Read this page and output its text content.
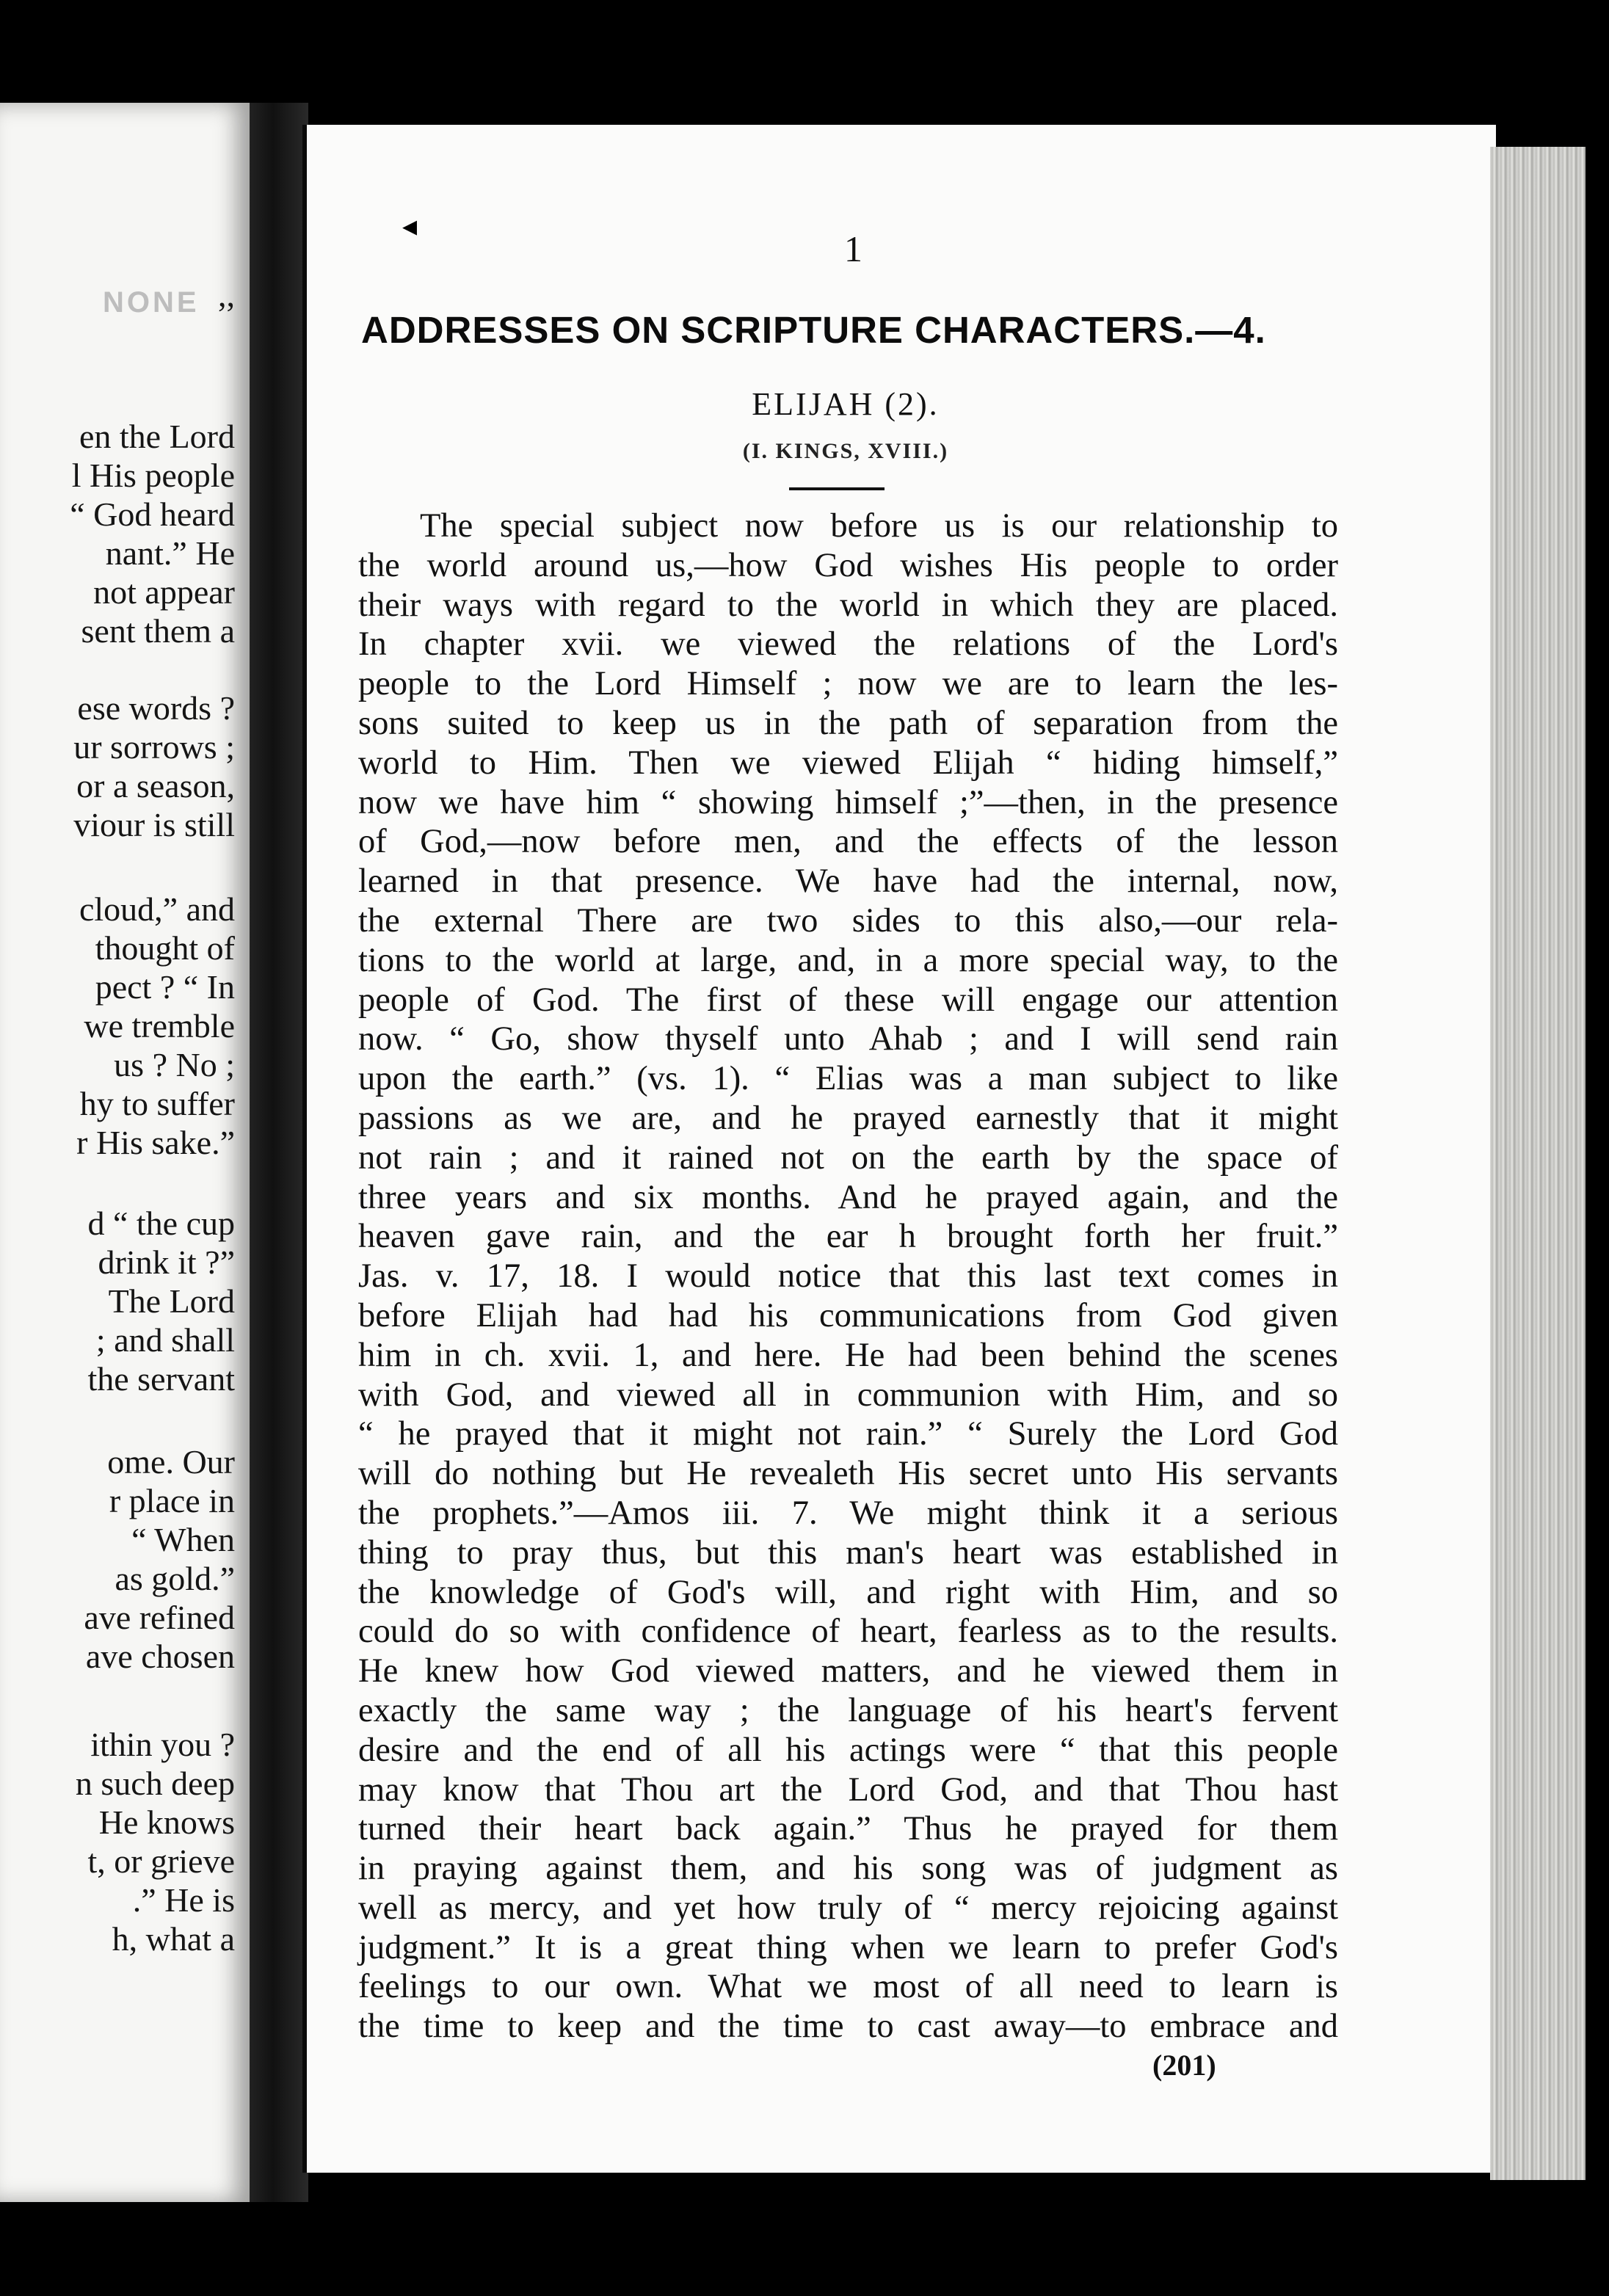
NONE ,,
en the Lord
l His people
“ God heard
nant.” He
not appear
sent them a
ese words ?
ur sorrows ;
or a season,
viour is still
cloud,” and
thought of
pect ? “ In
we tremble
us ? No ;
hy to suffer
r His sake.”
d “ the cup
drink it ?”
The Lord
; and shall
the servant
ome. Our
r place in
“ When
as gold.”
ave refined
ave chosen
ithin you ?
n such deep
He knows
t, or grieve
.” He is
h, what a
◂
•
1
ADDRESSES ON SCRIPTURE CHARACTERS.—4.
ELIJAH (2).
(I. KINGS, XVIII.)
The special subject now before us is our relationship to
the world around us,—how God wishes His people to order
their ways with regard to the world in which they are placed.
In chapter xvii. we viewed the relations of the Lord's
people to the Lord Himself ; now we are to learn the les-
sons suited to keep us in the path of separation from the
world to Him. Then we viewed Elijah “ hiding himself,”
now we have him “ showing himself ;”—then, in the presence
of God,—now before men, and the effects of the lesson
learned in that presence. We have had the internal, now,
the external There are two sides to this also,—our rela-
tions to the world at large, and, in a more special way, to the
people of God. The first of these will engage our attention
now. “ Go, show thyself unto Ahab ; and I will send rain
upon the earth.” (vs. 1). “ Elias was a man subject to like
passions as we are, and he prayed earnestly that it might
not rain ; and it rained not on the earth by the space of
three years and six months. And he prayed again, and the
heaven gave rain, and the ear h brought forth her fruit.”
Jas. v. 17, 18. I would notice that this last text comes in
before Elijah had had his communications from God given
him in ch. xvii. 1, and here. He had been behind the scenes
with God, and viewed all in communion with Him, and so
“ he prayed that it might not rain.” “ Surely the Lord God
will do nothing but He revealeth His secret unto His servants
the prophets.”—Amos iii. 7. We might think it a serious
thing to pray thus, but this man's heart was established in
the knowledge of God's will, and right with Him, and so
could do so with confidence of heart, fearless as to the results.
He knew how God viewed matters, and he viewed them in
exactly the same way ; the language of his heart's fervent
desire and the end of all his actings were “ that this people
may know that Thou art the Lord God, and that Thou hast
turned their heart back again.” Thus he prayed for them
in praying against them, and his song was of judgment as
well as mercy, and yet how truly of “ mercy rejoicing against
judgment.” It is a great thing when we learn to prefer God's
feelings to our own. What we most of all need to learn is
the time to keep and the time to cast away—to embrace and
(201)
